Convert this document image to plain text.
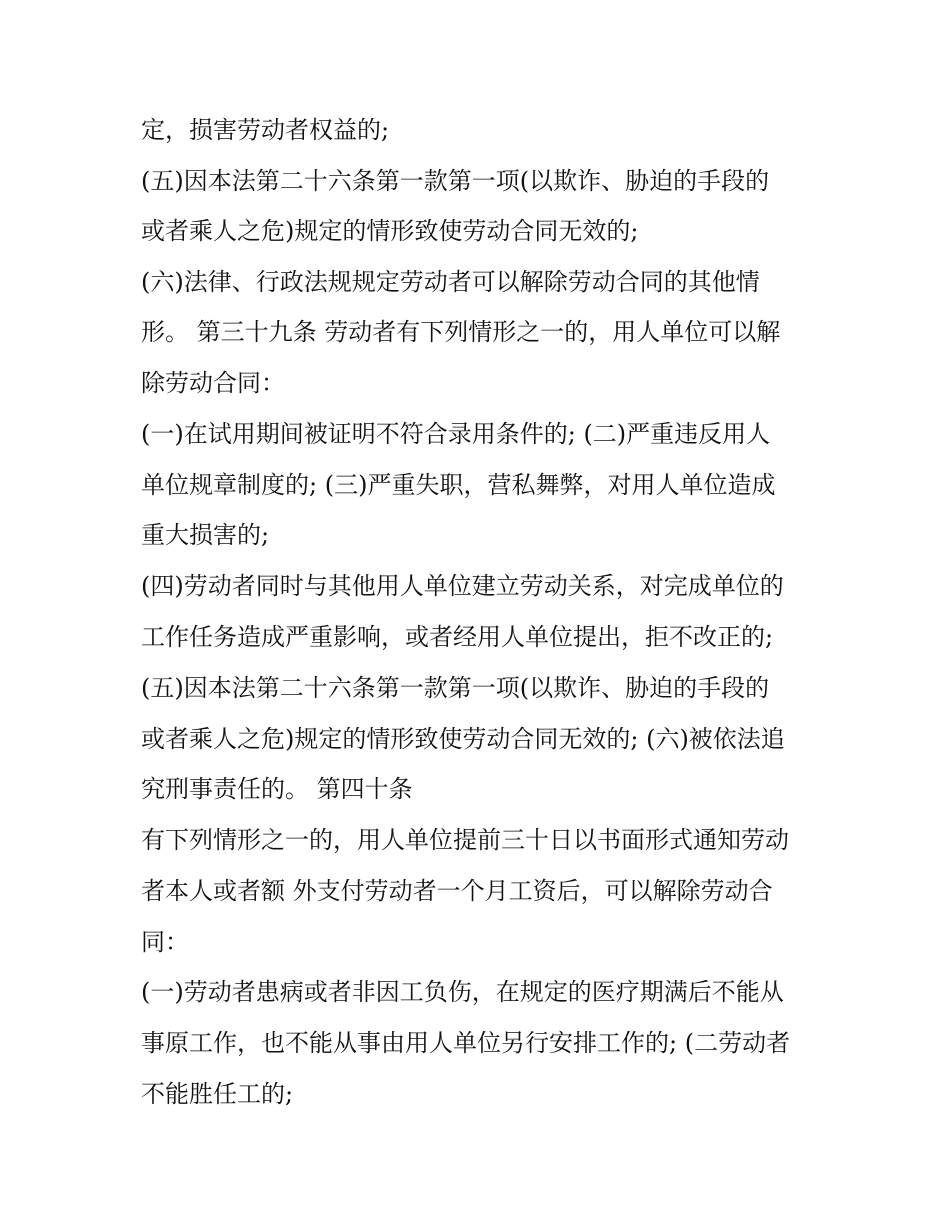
定，损害劳动者权益的;
(五)因本法第二十六条第一款第一项(以欺诈、胁迫的手段的
或者乘人之危)规定的情形致使劳动合同无效的;
(六)法律、行政法规规定劳动者可以解除劳动合同的其他情
形。 第三十九条 劳动者有下列情形之一的，用人单位可以解
除劳动合同：
(一)在试用期间被证明不符合录用条件的; (二)严重违反用人
单位规章制度的; (三)严重失职，营私舞弊，对用人单位造成
重大损害的;
(四)劳动者同时与其他用人单位建立劳动关系，对完成单位的
工作任务造成严重影响，或者经用人单位提出，拒不改正的;
(五)因本法第二十六条第一款第一项(以欺诈、胁迫的手段的
或者乘人之危)规定的情形致使劳动合同无效的; (六)被依法追
究刑事责任的。 第四十条
有下列情形之一的，用人单位提前三十日以书面形式通知劳动
者本人或者额 外支付劳动者一个月工资后，可以解除劳动合
同：
(一)劳动者患病或者非因工负伤，在规定的医疗期满后不能从
事原工作，也不能从事由用人单位另行安排工作的; (二劳动者
不能胜任工的;
